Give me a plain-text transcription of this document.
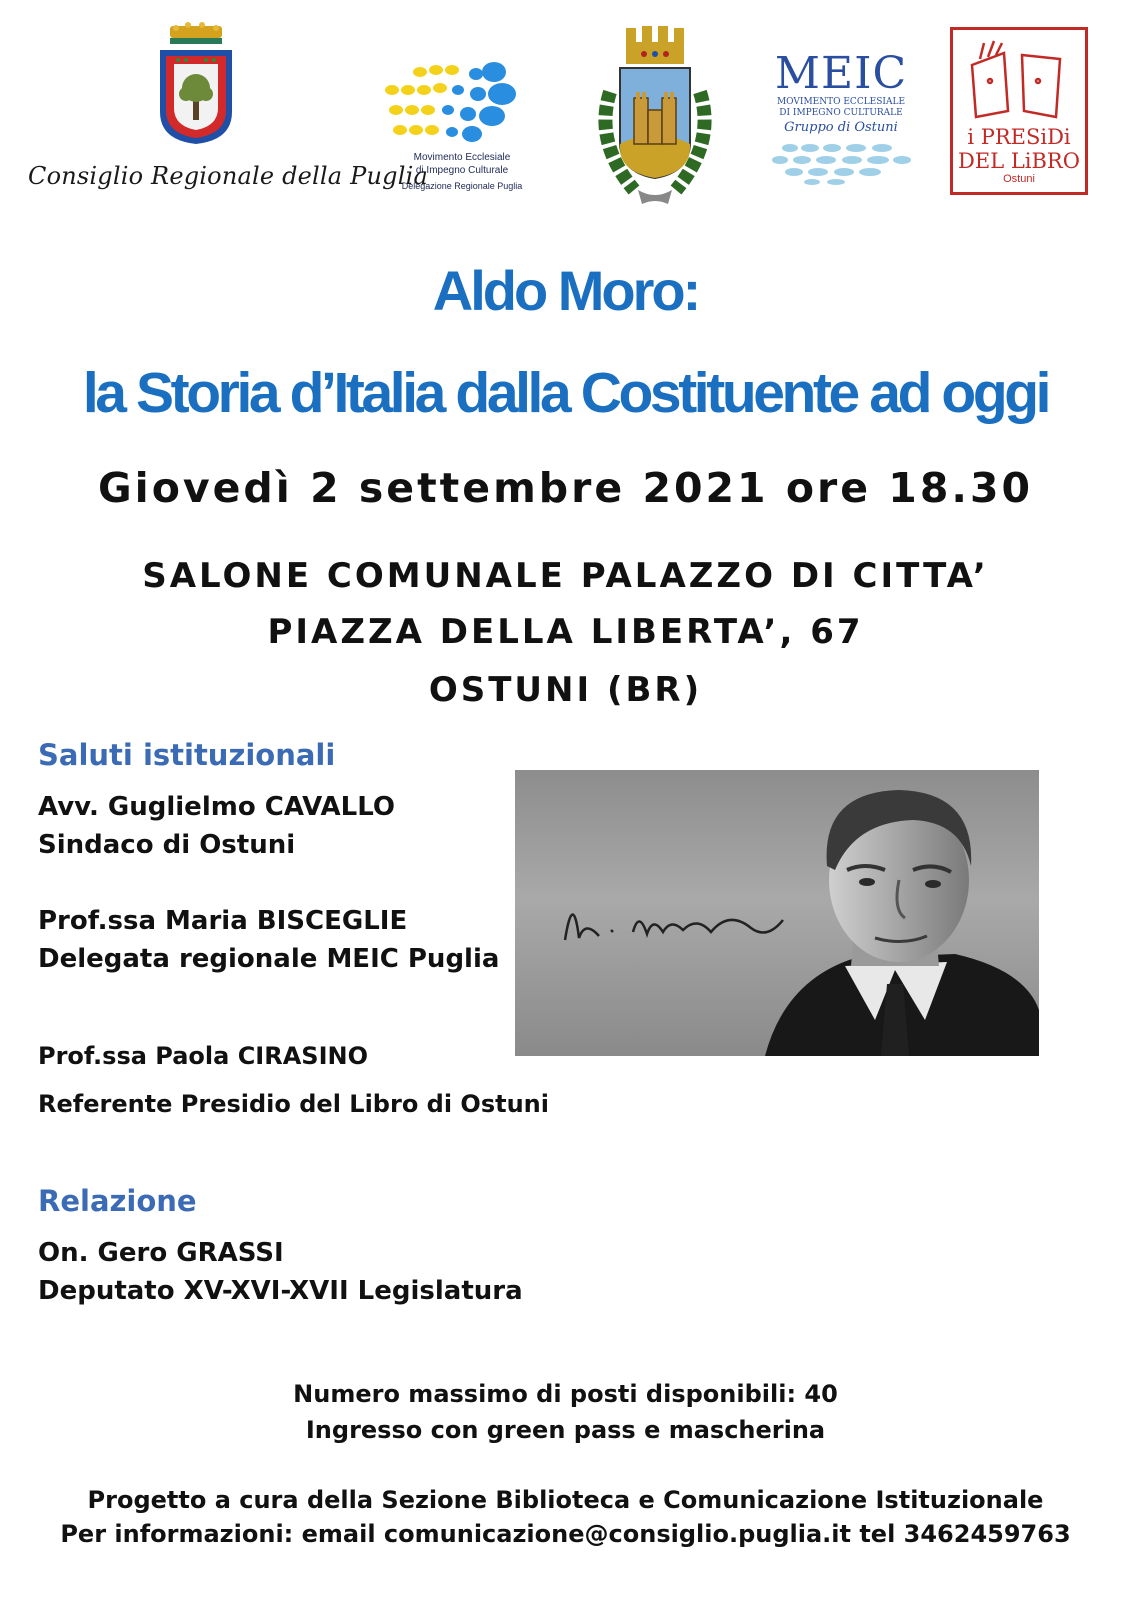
Consiglio Regionale della Puglia
Movimento Ecclesiale
di Impegno Culturale
Delegazione Regionale Puglia
MEIC
MOVIMENTO ECCLESIALE
DI IMPEGNO CULTURALE
Gruppo di Ostuni	i PRESiDi
DEL LiBRO
Ostuni
Aldo Moro:
la Storia d’Italia dalla Costituente ad oggi
Giovedì 2 settembre 2021 ore 18.30
SALONE COMUNALE PALAZZO DI CITTA’
PIAZZA DELLA LIBERTA’, 67
OSTUNI (BR)
Saluti istituzionali
Avv. Guglielmo CAVALLO
Sindaco di Ostuni
Prof.ssa Maria BISCEGLIE
Delegata regionale MEIC Puglia
Prof.ssa Paola CIRASINO
Referente Presidio del Libro di Ostuni
Relazione
On. Gero GRASSI
Deputato XV-XVI-XVII Legislatura
Numero massimo di posti disponibili: 40
Ingresso con green pass e mascherina
Progetto a cura della Sezione Biblioteca e Comunicazione Istituzionale
Per informazioni: email comunicazione@consiglio.puglia.it tel 3462459763
